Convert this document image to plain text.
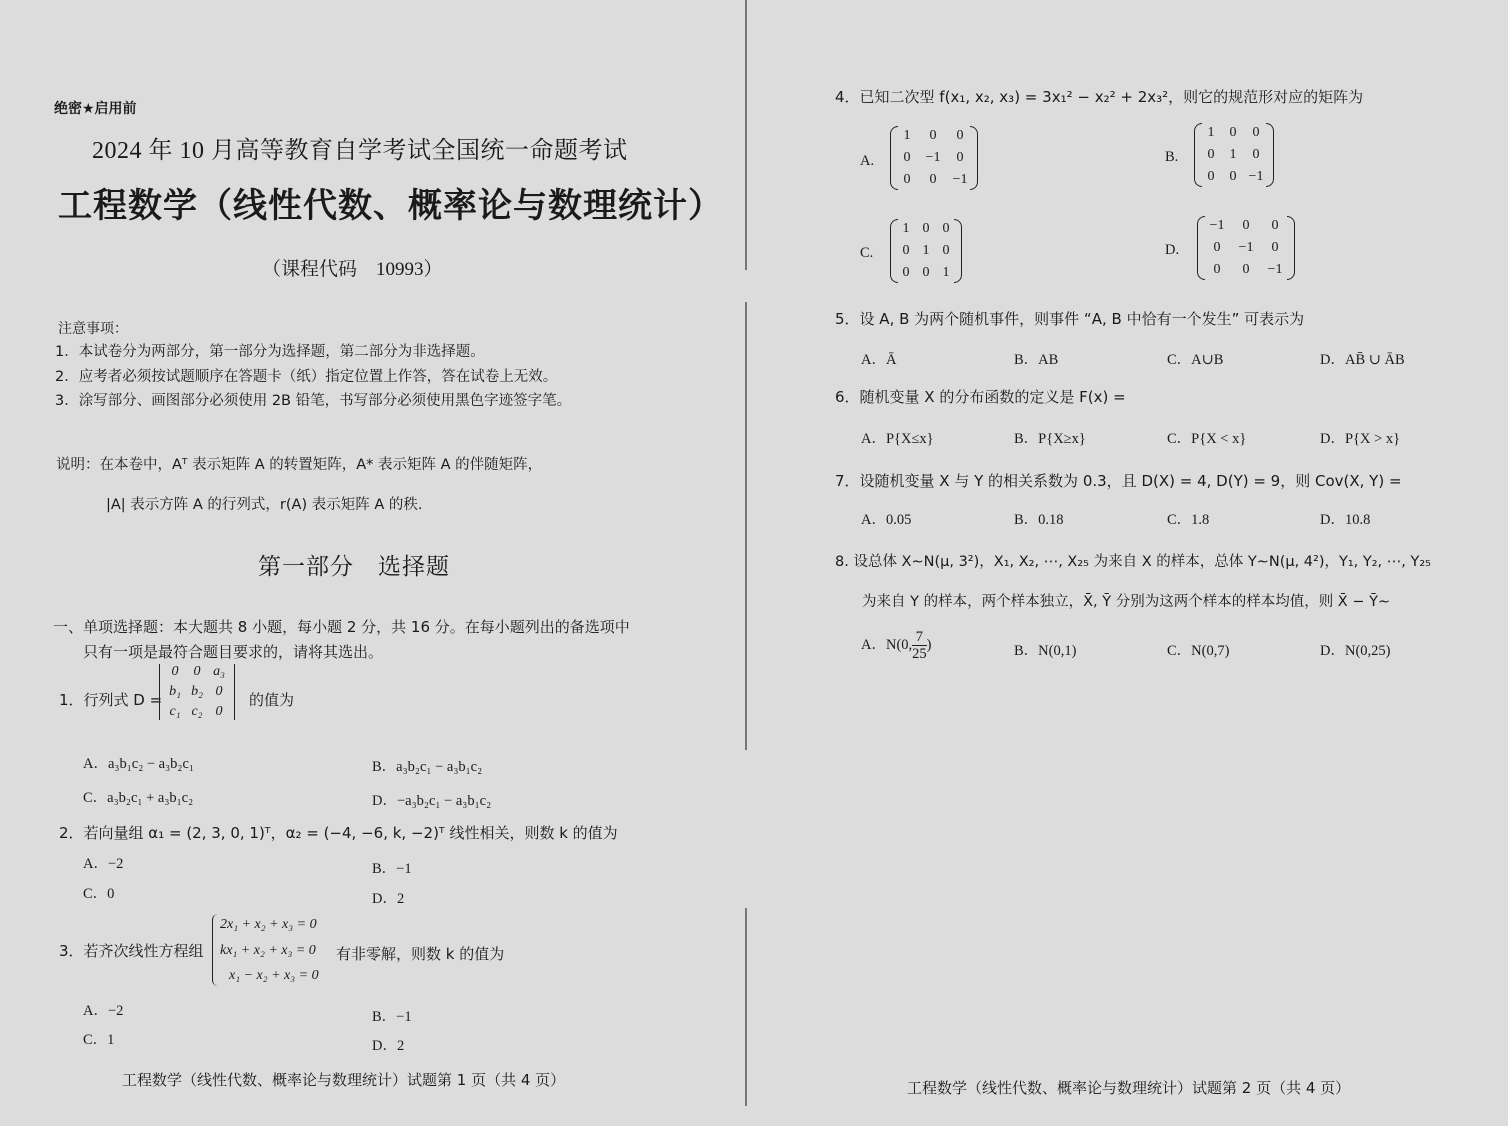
绝密★启用前
2024 年 10 月高等教育自学考试全国统一命题考试
工程数学（线性代数、概率论与数理统计）
（课程代码　10993）
注意事项：
1．本试卷分为两部分，第一部分为选择题，第二部分为非选择题。
2．应考者必须按试题顺序在答题卡（纸）指定位置上作答，答在试卷上无效。
3．涂写部分、画图部分必须使用 2B 铅笔，书写部分必须使用黑色字迹签字笔。
说明：在本卷中，Aᵀ 表示矩阵 A 的转置矩阵，A* 表示矩阵 A 的伴随矩阵，
|A| 表示方阵 A 的行列式，r(A) 表示矩阵 A 的秩.
第一部分　选择题
一、单项选择题：本大题共 8 小题，每小题 2 分，共 16 分。在每小题列出的备选项中
只有一项是最符合题目要求的，请将其选出。
1．行列式 D =
0	0 a₃
b₁ b₂ 0
c₁ c₂ 0
的值为
A．a₃b₁c₂ − a₃b₂c₁	B．a₃b₂c₁ − a₃b₁c₂
C．a₃b₂c₁ + a₃b₁c₂	D．−a₃b₂c₁ − a₃b₁c₂
2．若向量组 α₁ = (2, 3, 0, 1)ᵀ，α₂ = (−4, −6, k, −2)ᵀ 线性相关，则数 k 的值为
A．−2	B．−1
C．0	D．2
3．若齐次线性方程组
2x₁ + x₂ + x₃ = 0
kx₁ + x₂ + x₃ = 0
x₁ − x₂ + x₃ = 0
有非零解，则数 k 的值为
A．−2	B．−1
C．1	D．2
工程数学（线性代数、概率论与数理统计）试题第 1 页（共 4 页）
4．已知二次型 f(x₁, x₂, x₃) = 3x₁² − x₂² + 2x₃²，则它的规范形对应的矩阵为
A.
1	0	0
0	−1	0
0	0	−1
B.
1	0	0
0	1	0
0	0 −1
C.
1 0 0
0 1 0
0 0 1
D.
−1	0	0
0	−1	0
0	0	−1
5．设 A, B 为两个随机事件，则事件 “A, B 中恰有一个发生” 可表示为
A．Ā	B．AB	C．A∪B	D．AB̄ ∪ ĀB
6．随机变量 X 的分布函数的定义是 F(x) =
A．P{X≤x}	B．P{X≥x}	C．P{X < x}	D．P{X > x}
7．设随机变量 X 与 Y 的相关系数为 0.3，且 D(X) = 4, D(Y) = 9，则 Cov(X, Y) =
A．0.05	B．0.18	C．1.8	D．10.8
8. 设总体 X∼N(μ, 3²)，X₁, X₂, ⋯, X₂₅ 为来自 X 的样本，总体 Y∼N(μ, 4²)，Y₁, Y₂, ⋯, Y₂₅
为来自 Y 的样本，两个样本独立，X̄, Ȳ 分别为这两个样本的样本均值，则 X̄ − Ȳ∼
A．N(0, $\frac{7}{25}$ )	B．N(0,1)	C．N(0,7)	D．N(0,25)
工程数学（线性代数、概率论与数理统计）试题第 2 页（共 4 页）
